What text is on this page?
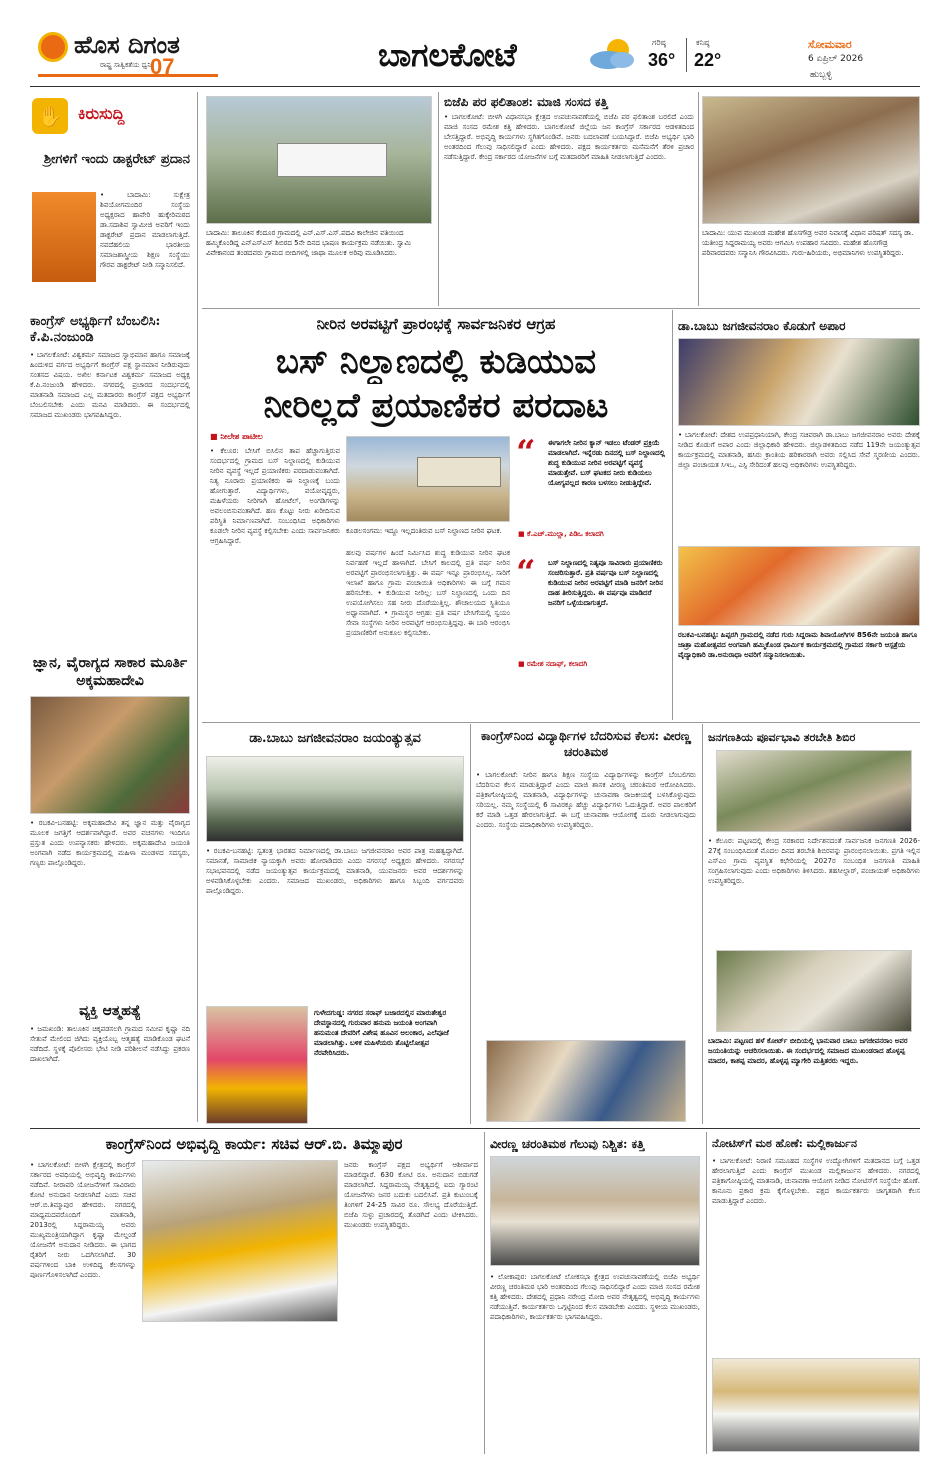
ಹೊಸ ದಿಗಂತ
ರಾಷ್ಟ್ರ ಸಾತ್ವಿಕತೆಯ ಧ್ವನಿ
07	ಬಾಗಲಕೋಟೆ	ಗರಿಷ್ಠ
36°
ಕನಿಷ್ಠ
22°
ಸೋಮವಾರ
6 ಏಪ್ರಿಲ್ 2026
ಹುಬ್ಬಳ್ಳಿ
✋ ಕಿರುಸುದ್ದಿ
ಶ್ರೀಗಳಿಗೆ ಇಂದು ಡಾಕ್ಟರೇಟ್ ಪ್ರದಾನ
• ಬಾದಾಮಿ: ಸುಕ್ಷೇತ್ರ ಶಿವಯೋಗಮಂದಿರ ಸಂಸ್ಥೆಯ ಅಧ್ಯಕ್ಷರಾದ ಹಾವೇರಿ ಹುಕ್ಕೇರಿಮಠದ ಡಾ.ಸದಾಶಿವ ಸ್ವಾಮೀಜಿ ಅವರಿಗೆ ಇಂದು ಡಾಕ್ಟರೇಟ್ ಪ್ರದಾನ ಮಾಡಲಾಗುತ್ತಿದೆ. ನವದೆಹಲಿಯ ಭಾರತೀಯ ಸಮಾಜಶಾಸ್ತ್ರೀಯ ಶಿಕ್ಷಣ ಸಂಸ್ಥೆಯು ಗೌರವ ಡಾಕ್ಟರೇಟ್ ನೀಡಿ ಸನ್ಮಾನಿಸಲಿದೆ.
ಕಾಂಗ್ರೆಸ್ ಅಭ್ಯರ್ಥಿಗೆ ಬೆಂಬಲಿಸಿ: ಕೆ.ಪಿ.ನಂಜುಂಡಿ
• ಬಾಗಲಕೋಟೆ: ವಿಶ್ವಕರ್ಮ ಸಮಾಜದ ಸ್ವಾಭಿಮಾನ ಹಾಗೂ ಸಮಾಜಕ್ಕೆ ಹಿಂದುಳಿದ ವರ್ಗದ ಅಭ್ಯರ್ಥಿಗೆ ಕಾಂಗ್ರೆಸ್ ಪಕ್ಷ ಸ್ಥಾನಮಾನ ನೀಡಿರುವುದು ಸಂತಸದ ವಿಷಯ. ಅಖಿಲ ಕರ್ನಾಟಕ ವಿಶ್ವಕರ್ಮ ಸಮಾಜದ ಅಧ್ಯಕ್ಷ ಕೆ.ಪಿ.ನಂಜುಂಡಿ ಹೇಳಿದರು. ನಗರದಲ್ಲಿ ಪ್ರಚಾರದ ಸಂದರ್ಭದಲ್ಲಿ ಮಾತನಾಡಿ ಸಮಾಜದ ಎಲ್ಲ ಮತದಾರರು ಕಾಂಗ್ರೆಸ್ ಪಕ್ಷದ ಅಭ್ಯರ್ಥಿಗೆ ಬೆಂಬಲಿಸಬೇಕು ಎಂದು ಮನವಿ ಮಾಡಿದರು. ಈ ಸಂದರ್ಭದಲ್ಲಿ ಸಮಾಜದ ಮುಖಂಡರು ಭಾಗವಹಿಸಿದ್ದರು.
ಜ್ಞಾನ, ವೈರಾಗ್ಯದ ಸಾಕಾರ ಮೂರ್ತಿ ಅಕ್ಕಮಹಾದೇವಿ
• ರಬಕವಿ-ಬನಹಟ್ಟಿ: ಅಕ್ಕಮಹಾದೇವಿ ತನ್ನ ಜ್ಞಾನ ಮತ್ತು ವೈರಾಗ್ಯದ ಮೂಲಕ ಜಗತ್ತಿಗೆ ಆದರ್ಶವಾಗಿದ್ದಾರೆ. ಅವರ ವಚನಗಳು ಇಂದಿಗೂ ಪ್ರಸ್ತುತ ಎಂದು ಉಪನ್ಯಾಸಕರು ಹೇಳಿದರು. ಅಕ್ಕಮಹಾದೇವಿ ಜಯಂತಿ ಅಂಗವಾಗಿ ನಡೆದ ಕಾರ್ಯಕ್ರಮದಲ್ಲಿ ಮಹಿಳಾ ಮಂಡಳದ ಸದಸ್ಯರು, ಗಣ್ಯರು ಪಾಲ್ಗೊಂಡಿದ್ದರು.
ವ್ಯಕ್ತಿ ಆತ್ಮಹತ್ಯೆ
• ಜಮಖಂಡಿ: ತಾಲೂಕಿನ ಚಿಕ್ಕಪಡಸಲಗಿ ಗ್ರಾಮದ ಸಮೀಪ ಕೃಷ್ಣಾ ನದಿ ಸೇತುವೆ ಮೇಲಿಂದ ಜಿಗಿದು ವ್ಯಕ್ತಿಯೊಬ್ಬ ಆತ್ಮಹತ್ಯೆ ಮಾಡಿಕೊಂಡ ಘಟನೆ ನಡೆದಿದೆ. ಸ್ಥಳಕ್ಕೆ ಪೊಲೀಸರು ಭೇಟಿ ನೀಡಿ ಪರಿಶೀಲನೆ ನಡೆಸಿದ್ದು ಪ್ರಕರಣ ದಾಖಲಾಗಿದೆ.
ಬಾದಾಮಿ: ತಾಲೂಕಿನ ಕೆಂದೂರ ಗ್ರಾಮದಲ್ಲಿ ಎನ್.ಎಸ್.ಎಸ್.ಪದವಿ ಕಾಲೇಜಿನ ವತಿಯಿಂದ ಹಮ್ಮಿಕೊಂಡಿದ್ದ ಎನ್‌ಎಸ್‌ಎಸ್ ಶಿಬಿರದ 5ನೇ ದಿನದ ಭಾಷಣ ಕಾರ್ಯಕ್ರಮ ನಡೆಯಿತು. ಸ್ವಾಮಿ ವಿವೇಕಾನಂದ ತಂಡದವರು ಗ್ರಾಮದ ಬೀದಿಗಳಲ್ಲಿ ಜಾಥಾ ಮೂಲಕ ಅರಿವು ಮೂಡಿಸಿದರು.
ಬಿಜೆಪಿ ಪರ ಫಲಿತಾಂಶ: ಮಾಜಿ ಸಂಸದ ಕತ್ತಿ
• ಬಾಗಲಕೋಟೆ: ಬೀಳಗಿ ವಿಧಾನಸಭಾ ಕ್ಷೇತ್ರದ ಉಪಚುನಾವಣೆಯಲ್ಲಿ ಬಿಜೆಪಿ ಪರ ಫಲಿತಾಂಶ ಬರಲಿದೆ ಎಂದು ಮಾಜಿ ಸಂಸದ ರಮೇಶ ಕತ್ತಿ ಹೇಳಿದರು. ಬಾಗಲಕೋಟೆ ಜಿಲ್ಲೆಯ ಜನ ಕಾಂಗ್ರೆಸ್ ಸರ್ಕಾರದ ಆಡಳಿತದಿಂದ ಬೇಸತ್ತಿದ್ದಾರೆ. ಅಭಿವೃದ್ಧಿ ಕಾರ್ಯಗಳು ಸ್ಥಗಿತಗೊಂಡಿವೆ. ಜನರು ಬದಲಾವಣೆ ಬಯಸಿದ್ದಾರೆ. ಬಿಜೆಪಿ ಅಭ್ಯರ್ಥಿ ಭಾರಿ ಅಂತರದಿಂದ ಗೆಲುವು ಸಾಧಿಸಲಿದ್ದಾರೆ ಎಂದು ಹೇಳಿದರು. ಪಕ್ಷದ ಕಾರ್ಯಕರ್ತರು ಮನೆಮನೆಗೆ ತೆರಳಿ ಪ್ರಚಾರ ನಡೆಸುತ್ತಿದ್ದಾರೆ. ಕೇಂದ್ರ ಸರ್ಕಾರದ ಯೋಜನೆಗಳ ಬಗ್ಗೆ ಮತದಾರರಿಗೆ ಮಾಹಿತಿ ನೀಡಲಾಗುತ್ತಿದೆ ಎಂದರು.
ಬಾದಾಮಿ: ಯುವ ಮುಖಂಡ ಮಹೇಶ ಹೊಸಗೌಡ್ರ ಅವರ ನಿವಾಸಕ್ಕೆ ವಿಧಾನ ಪರಿಷತ್ ಸದಸ್ಯ ಡಾ. ಯತೀಂದ್ರ ಸಿದ್ದರಾಮಯ್ಯ ಅವರು ಆಗಮಿಸಿ ಉಪಹಾರ ಸವಿದರು. ಮಹೇಶ ಹೊಸಗೌಡ್ರ ಪರಿವಾರದವರು ಸನ್ಮಾನಿಸಿ ಗೌರವಿಸಿದರು. ಗುರು-ಹಿರಿಯರು, ಅಭಿಮಾನಿಗಳು ಉಪಸ್ಥಿತರಿದ್ದರು.
ನೀರಿನ ಅರವಟ್ಟಿಗೆ ಪ್ರಾರಂಭಕ್ಕೆ ಸಾರ್ವಜನಿಕರ ಆಗ್ರಹ
ಬಸ್ ನಿಲ್ದಾಣದಲ್ಲಿ ಕುಡಿಯುವ
ನೀರಿಲ್ಲದೆ ಪ್ರಯಾಣಿಕರ ಪರದಾಟ
■ ನೀಲೇಶ ಪಾಟೀಲ
• ಕೆಲೂರ: ಬೇಸಿಗೆ ಬಿಸಿಲಿನ ತಾಪ ಹೆಚ್ಚಾಗುತ್ತಿರುವ ಸಂದರ್ಭದಲ್ಲಿ ಗ್ರಾಮದ ಬಸ್ ನಿಲ್ದಾಣದಲ್ಲಿ ಕುಡಿಯುವ ನೀರಿನ ವ್ಯವಸ್ಥೆ ಇಲ್ಲದೆ ಪ್ರಯಾಣಿಕರು ಪರದಾಡುವಂತಾಗಿದೆ. ನಿತ್ಯ ನೂರಾರು ಪ್ರಯಾಣಿಕರು ಈ ನಿಲ್ದಾಣಕ್ಕೆ ಬಂದು ಹೋಗುತ್ತಾರೆ. ವಿದ್ಯಾರ್ಥಿಗಳು, ವಯೋವೃದ್ಧರು, ಮಹಿಳೆಯರು ನೀರಿಗಾಗಿ ಹೋಟೆಲ್, ಅಂಗಡಿಗಳನ್ನು ಅವಲಂಬಿಸುವಂತಾಗಿದೆ. ಹಣ ಕೊಟ್ಟು ನೀರು ಖರೀದಿಸುವ ಪರಿಸ್ಥಿತಿ ನಿರ್ಮಾಣವಾಗಿದೆ. ಸಂಬಂಧಿಸಿದ ಅಧಿಕಾರಿಗಳು ಕೂಡಲೇ ನೀರಿನ ವ್ಯವಸ್ಥೆ ಕಲ್ಪಿಸಬೇಕು ಎಂದು ಸಾರ್ವಜನಿಕರು ಆಗ್ರಹಿಸಿದ್ದಾರೆ.
ಕೂಡಲಸಂಗಮ: ಇದ್ದೂ ಇಲ್ಲದಂತಿರುವ ಬಸ್ ನಿಲ್ದಾಣದ ನೀರಿನ ಘಟಕ.
ಹಲವು ವರ್ಷಗಳ ಹಿಂದೆ ನಿರ್ಮಿಸಿದ ಶುದ್ಧ ಕುಡಿಯುವ ನೀರಿನ ಘಟಕ ನಿರ್ವಹಣೆ ಇಲ್ಲದೆ ಹಾಳಾಗಿದೆ. ಬೇಸಿಗೆ ಕಾಲದಲ್ಲಿ ಪ್ರತಿ ವರ್ಷ ನೀರಿನ ಅರವಟ್ಟಿಗೆ ಪ್ರಾರಂಭಿಸಲಾಗುತ್ತಿತ್ತು. ಈ ವರ್ಷ ಇನ್ನೂ ಪ್ರಾರಂಭಿಸಿಲ್ಲ. ಸಾರಿಗೆ ಇಲಾಖೆ ಹಾಗೂ ಗ್ರಾಮ ಪಂಚಾಯಿತಿ ಅಧಿಕಾರಿಗಳು ಈ ಬಗ್ಗೆ ಗಮನ ಹರಿಸಬೇಕು. • ಕುಡಿಯುವ ನೀರಿಲ್ಲ: ಬಸ್ ನಿಲ್ದಾಣದಲ್ಲಿ ಒಂದು ದಿನ ಉಪಯೋಗಿಸಲು ಸಹ ನೀರು ದೊರೆಯುತ್ತಿಲ್ಲ. ಶೌಚಾಲಯದ ಸ್ಥಿತಿಯೂ ಅಧ್ವಾನವಾಗಿದೆ. • ಗ್ರಾಮಸ್ಥರ ಆಗ್ರಹ: ಪ್ರತಿ ವರ್ಷ ಬೇಸಿಗೆಯಲ್ಲಿ ಸ್ವಯಂ ಸೇವಾ ಸಂಸ್ಥೆಗಳು ನೀರಿನ ಅರವಟ್ಟಿಗೆ ಆರಂಭಿಸುತ್ತಿದ್ದವು. ಈ ಬಾರಿ ಆರಂಭಿಸಿ ಪ್ರಯಾಣಿಕರಿಗೆ ಅನುಕೂಲ ಕಲ್ಪಿಸಬೇಕು.
“ ಈಗಾಗಲೇ ನೀರಿನ ಕ್ಯಾನ್ ಇಡಲು ಟೆಂಡರ್ ಪ್ರಕ್ರಿಯೆ ಮಾಡಲಾಗಿದೆ. ಇನ್ನೆರಡು ದಿನದಲ್ಲಿ ಬಸ್ ನಿಲ್ದಾಣದಲ್ಲಿ ಶುದ್ಧ ಕುಡಿಯುವ ನೀರಿನ ಅರವಟ್ಟಿಗೆ ವ್ಯವಸ್ಥೆ ಮಾಡುತ್ತೇವೆ. ಬಸ್ ಘಟಕದ ನೀರು ಕುಡಿಯಲು ಯೋಗ್ಯವಲ್ಲದ ಕಾರಣ ಬಳಸಲು ನೀಡುತ್ತಿದ್ದೇವೆ.
■ ಕೆ.ಎಚ್.ಮುಲ್ಲಾ, ಪಿಡಿಒ ಕಲಾದಗಿ
“ ಬಸ್ ನಿಲ್ದಾಣದಲ್ಲಿ ನಿತ್ಯವೂ ಸಾವಿರಾರು ಪ್ರಯಾಣಿಕರು ಸಂಚರಿಸುತ್ತಾರೆ. ಪ್ರತಿ ವರ್ಷವೂ ಬಸ್ ನಿಲ್ದಾಣದಲ್ಲಿ ಕುಡಿಯುವ ನೀರಿನ ಅರವಟ್ಟಿಗೆ ಮಾಡಿ ಜನರಿಗೆ ನೀರಿನ ದಾಹ ತೀರಿಸುತ್ತಿದ್ದರು. ಈ ವರ್ಷವೂ ಮಾಡಿದರೆ ಜನರಿಗೆ ಒಳ್ಳೆಯದಾಗುತ್ತದೆ.
■ ರಮೇಶ ನದಾಫ್, ಕಲಾದಗಿ
ಡಾ.ಬಾಬು ಜಗಜೀವನರಾಂ ಕೊಡುಗೆ ಅಪಾರ
• ಬಾಗಲಕೋಟೆ: ದೇಶದ ಉಪಪ್ರಧಾನಿಯಾಗಿ, ಕೇಂದ್ರ ಸಚಿವರಾಗಿ ಡಾ.ಬಾಬು ಜಗಜೀವನರಾಂ ಅವರು ದೇಶಕ್ಕೆ ನೀಡಿದ ಕೊಡುಗೆ ಅಪಾರ ಎಂದು ಜಿಲ್ಲಾಧಿಕಾರಿ ಹೇಳಿದರು. ಜಿಲ್ಲಾಡಳಿತದಿಂದ ನಡೆದ 119ನೇ ಜಯಂತ್ಯುತ್ಸವ ಕಾರ್ಯಕ್ರಮದಲ್ಲಿ ಮಾತನಾಡಿ, ಹಸಿರು ಕ್ರಾಂತಿಯ ಹರಿಕಾರರಾಗಿ ಅವರು ಸಲ್ಲಿಸಿದ ಸೇವೆ ಸ್ಮರಣೀಯ ಎಂದರು. ಜಿಲ್ಲಾ ಪಂಚಾಯತ ಸಿಇಒ, ಎಸ್ಪಿ ಸೇರಿದಂತೆ ಹಲವು ಅಧಿಕಾರಿಗಳು ಉಪಸ್ಥಿತರಿದ್ದರು.
ರಬಕವಿ-ಬನಹಟ್ಟಿ: ಹಿಪ್ಪರಗಿ ಗ್ರಾಮದಲ್ಲಿ ನಡೆದ ಗುರು ಸಿದ್ದರಾಮ ಶಿವಾಯೋಗಿಗಳ 856ನೇ ಜಯಂತಿ ಹಾಗೂ ಜಾತ್ರಾ ಮಹೋತ್ಸವದ ಅಂಗವಾಗಿ ಹಮ್ಮಿಕೊಂಡ ಧಾರ್ಮಿಕ ಕಾರ್ಯಕ್ರಮದಲ್ಲಿ ಗ್ರಾಮದ ಸರ್ಕಾರಿ ಆಸ್ಪತ್ರೆಯ ವೈದ್ಯಾಧಿಕಾರಿ ಡಾ.ಅನುರಾಧಾ ಅವರಿಗೆ ಸನ್ಮಾನಿಸಲಾಯಿತು.
ಡಾ.ಬಾಬು ಜಗಜೀವನರಾಂ ಜಯಂತ್ಯುತ್ಸವ
• ರಬಕವಿ-ಬನಹಟ್ಟಿ: ಸ್ವತಂತ್ರ ಭಾರತದ ನಿರ್ಮಾಣದಲ್ಲಿ ಡಾ.ಬಾಬು ಜಗಜೀವನರಾಂ ಅವರ ಪಾತ್ರ ಮಹತ್ವದ್ದಾಗಿದೆ. ಸಮಾನತೆ, ಸಾಮಾಜಿಕ ನ್ಯಾಯಕ್ಕಾಗಿ ಅವರು ಹೋರಾಡಿದರು ಎಂದು ನಗರಸಭೆ ಅಧ್ಯಕ್ಷರು ಹೇಳಿದರು. ನಗರಸಭೆ ಸಭಾಭವನದಲ್ಲಿ ನಡೆದ ಜಯಂತ್ಯುತ್ಸವ ಕಾರ್ಯಕ್ರಮದಲ್ಲಿ ಮಾತನಾಡಿ, ಯುವಜನರು ಅವರ ಆದರ್ಶಗಳನ್ನು ಅಳವಡಿಸಿಕೊಳ್ಳಬೇಕು ಎಂದರು. ಸಮಾಜದ ಮುಖಂಡರು, ಅಧಿಕಾರಿಗಳು ಹಾಗೂ ಸಿಬ್ಬಂದಿ ವರ್ಗದವರು ಪಾಲ್ಗೊಂಡಿದ್ದರು.
ಗುಳೇದಗುಡ್ಡ: ನಗರದ ಸರಾಫ್ ಬಜಾರದಲ್ಲಿನ ಮಾರುತೇಶ್ವರ ದೇವಸ್ಥಾನದಲ್ಲಿ ಗುರುವಾರ ಹನುಮ ಜಯಂತಿ ಅಂಗವಾಗಿ ಹನುಮಂತ ದೇವರಿಗೆ ವಿಶೇಷ ಹೂವಿನ ಅಲಂಕಾರ, ಎಲೆಪೂಜೆ ಮಾಡಲಾಗಿತ್ತು. ಬಳಿಕ ಮಹಿಳೆಯರು ತೊಟ್ಟಿಲೋತ್ಸವ ನೆರವೇರಿಸಿದರು.
ಕಾಂಗ್ರೆಸ್‌ನಿಂದ ವಿದ್ಯಾರ್ಥಿಗಳ ಬೆದರಿಸುವ ಕೆಲಸ: ವೀರಣ್ಣ ಚರಂತಿಮಠ
• ಬಾಗಲಕೋಟೆ: ನೀರಿನ ಹಾಗೂ ಶಿಕ್ಷಣ ಸಂಸ್ಥೆಯ ವಿದ್ಯಾರ್ಥಿಗಳನ್ನು ಕಾಂಗ್ರೆಸ್ ಬೆಂಬಲಿಗರು ಬೆದರಿಸುವ ಕೆಲಸ ಮಾಡುತ್ತಿದ್ದಾರೆ ಎಂದು ಮಾಜಿ ಶಾಸಕ ವೀರಣ್ಣ ಚರಂತಿಮಠ ಆರೋಪಿಸಿದರು. ಪತ್ರಿಕಾಗೋಷ್ಠಿಯಲ್ಲಿ ಮಾತನಾಡಿ, ವಿದ್ಯಾರ್ಥಿಗಳನ್ನು ಚುನಾವಣಾ ರಾಜಕೀಯಕ್ಕೆ ಬಳಸಿಕೊಳ್ಳುವುದು ಸರಿಯಲ್ಲ. ನಮ್ಮ ಸಂಸ್ಥೆಯಲ್ಲಿ 6 ಸಾವಿರಕ್ಕೂ ಹೆಚ್ಚು ವಿದ್ಯಾರ್ಥಿಗಳು ಓದುತ್ತಿದ್ದಾರೆ. ಅವರ ಪಾಲಕರಿಗೆ ಕರೆ ಮಾಡಿ ಒತ್ತಡ ಹೇರಲಾಗುತ್ತಿದೆ. ಈ ಬಗ್ಗೆ ಚುನಾವಣಾ ಆಯೋಗಕ್ಕೆ ದೂರು ನೀಡಲಾಗುವುದು ಎಂದರು. ಸಂಸ್ಥೆಯ ಪದಾಧಿಕಾರಿಗಳು ಉಪಸ್ಥಿತರಿದ್ದರು.
ಜನಗಣತಿಯ ಪೂರ್ವಭಾವಿ ತರಬೇತಿ ಶಿಬಿರ
• ಕೆಲೂರ: ಪಟ್ಟಣದಲ್ಲಿ ಕೇಂದ್ರ ಸರಕಾರದ ನಿರ್ದೇಶನದಂತೆ ಸಾರ್ವಜನಿಕ ಜನಗಣತಿ 2026-27ಕ್ಕೆ ಸಂಬಂಧಿಸಿದಂತೆ ಮೊದಲ ದಿನದ ತರಬೇತಿ ಶಿಬಿರವನ್ನು ಪ್ರಾರಂಭಿಸಲಾಯಿತು. ಪ್ರಗತಿ ಇಲ್ಲಿನ ಎಸ್‌ಎಂ ಗ್ರಾಮ ವ್ಯವಸ್ಥಿತ ಕಛೇರಿಯಲ್ಲಿ 2027ರ ಸಂಬಂಧಿತ ಜನಗಣತಿ ಮಾಹಿತಿ ಸಂಗ್ರಹಿಸಲಾಗುವುದು ಎಂದು ಅಧಿಕಾರಿಗಳು ತಿಳಿಸಿದರು. ತಹಸೀಲ್ದಾರ್, ಪಂಚಾಯತ್ ಅಧಿಕಾರಿಗಳು ಉಪಸ್ಥಿತರಿದ್ದರು.
ಬಾದಾಮಿ: ಪಟ್ಟಣದ ಹಳೆ ಕೋರ್ಟ್ ಬೀದಿಯಲ್ಲಿ ಭಾನುವಾರ ಬಾಬು ಜಗಜೀವನರಾಂ ಅವರ ಜಯಂತಿಯನ್ನು ಆಚರಿಸಲಾಯಿತು. ಈ ಸಂದರ್ಭದಲ್ಲಿ ಸಮಾಜದ ಮುಖಂಡರಾದ ಹೊಳ್ಳಪ್ಪ ಮಾದರ, ಕಾಶಪ್ಪ ಮಾದರ, ಹೊಳ್ಳಪ್ಪ ಮ್ಯಾಗೇರಿ ಮತ್ತಿತರರು ಇದ್ದರು.
ಕಾಂಗ್ರೆಸ್‌ನಿಂದ ಅಭಿವೃದ್ಧಿ ಕಾರ್ಯ: ಸಚಿವ ಆರ್.ಬಿ. ತಿಮ್ಮಾಪುರ
• ಬಾಗಲಕೋಟೆ: ಬೀಳಗಿ ಕ್ಷೇತ್ರದಲ್ಲಿ ಕಾಂಗ್ರೆಸ್ ಸರ್ಕಾರದ ಅವಧಿಯಲ್ಲಿ ಅಭಿವೃದ್ಧಿ ಕಾರ್ಯಗಳು ನಡೆದಿವೆ. ನೀರಾವರಿ ಯೋಜನೆಗಳಿಗೆ ಸಾವಿರಾರು ಕೋಟಿ ಅನುದಾನ ನೀಡಲಾಗಿದೆ ಎಂದು ಸಚಿವ ಆರ್.ಬಿ.ತಿಮ್ಮಾಪುರ ಹೇಳಿದರು. ನಗರದಲ್ಲಿ ಮಾಧ್ಯಮದವರೊಂದಿಗೆ ಮಾತನಾಡಿ, 2013ರಲ್ಲಿ ಸಿದ್ದರಾಮಯ್ಯ ಅವರು ಮುಖ್ಯಮಂತ್ರಿಯಾಗಿದ್ದಾಗ ಕೃಷ್ಣಾ ಮೇಲ್ದಂಡೆ ಯೋಜನೆಗೆ ಅನುದಾನ ನೀಡಿದರು. ಈ ಭಾಗದ ರೈತರಿಗೆ ನೀರು ಒದಗಿಸಲಾಗಿದೆ. 30 ವರ್ಷಗಳಿಂದ ಬಾಕಿ ಉಳಿದಿದ್ದ ಕೆಲಸಗಳನ್ನು ಪೂರ್ಣಗೊಳಿಸಲಾಗಿದೆ ಎಂದರು.
ಜನರು ಕಾಂಗ್ರೆಸ್ ಪಕ್ಷದ ಅಭ್ಯರ್ಥಿಗೆ ಆಶೀರ್ವಾದ ಮಾಡಲಿದ್ದಾರೆ. 630 ಕೋಟಿ ರೂ. ಅನುದಾನ ಬಿಡುಗಡೆ ಮಾಡಲಾಗಿದೆ. ಸಿದ್ದರಾಮಯ್ಯ ನೇತೃತ್ವದಲ್ಲಿ ಐದು ಗ್ಯಾರಂಟಿ ಯೋಜನೆಗಳು ಜನರ ಬದುಕು ಬದಲಿಸಿವೆ. ಪ್ರತಿ ಕುಟುಂಬಕ್ಕೆ ತಿಂಗಳಿಗೆ 24-25 ಸಾವಿರ ರೂ. ಸೌಲಭ್ಯ ದೊರೆಯುತ್ತಿದೆ. ಬಿಜೆಪಿ ಸುಳ್ಳು ಪ್ರಚಾರದಲ್ಲಿ ತೊಡಗಿದೆ ಎಂದು ಟೀಕಿಸಿದರು. ಮುಖಂಡರು ಉಪಸ್ಥಿತರಿದ್ದರು.
ವೀರಣ್ಣ ಚರಂತಿಮಠ ಗೆಲುವು ನಿಶ್ಚಿತ: ಕತ್ತಿ
• ಲೋಕಾಪುರ: ಬಾಗಲಕೋಟೆ ಲೋಕಸಭಾ ಕ್ಷೇತ್ರದ ಉಪಚುನಾವಣೆಯಲ್ಲಿ ಬಿಜೆಪಿ ಅಭ್ಯರ್ಥಿ ವೀರಣ್ಣ ಚರಂತಿಮಠ ಭಾರಿ ಅಂತರದಿಂದ ಗೆಲುವು ಸಾಧಿಸಲಿದ್ದಾರೆ ಎಂದು ಮಾಜಿ ಸಂಸದ ರಮೇಶ ಕತ್ತಿ ಹೇಳಿದರು. ದೇಶದಲ್ಲಿ ಪ್ರಧಾನಿ ನರೇಂದ್ರ ಮೋದಿ ಅವರ ನೇತೃತ್ವದಲ್ಲಿ ಅಭಿವೃದ್ಧಿ ಕಾರ್ಯಗಳು ನಡೆಯುತ್ತಿವೆ. ಕಾರ್ಯಕರ್ತರು ಒಗ್ಗಟ್ಟಿನಿಂದ ಕೆಲಸ ಮಾಡಬೇಕು ಎಂದರು. ಸ್ಥಳೀಯ ಮುಖಂಡರು, ಪದಾಧಿಕಾರಿಗಳು, ಕಾರ್ಯಕರ್ತರು ಭಾಗವಹಿಸಿದ್ದರು.
ನೋಟಿಸ್‌ಗೆ ಮಠ ಹೊಣೆ: ಮಲ್ಲಿಕಾರ್ಜುನ
• ಬಾಗಲಕೋಟೆ: ನಿರಾಣಿ ಸಮೂಹದ ಸಂಸ್ಥೆಗಳ ಉದ್ಯೋಗಿಗಳಿಗೆ ಮತದಾನದ ಬಗ್ಗೆ ಒತ್ತಡ ಹೇರಲಾಗುತ್ತಿದೆ ಎಂದು ಕಾಂಗ್ರೆಸ್ ಮುಖಂಡ ಮಲ್ಲಿಕಾರ್ಜುನ ಹೇಳಿದರು. ನಗರದಲ್ಲಿ ಪತ್ರಿಕಾಗೋಷ್ಠಿಯಲ್ಲಿ ಮಾತನಾಡಿ, ಚುನಾವಣಾ ಆಯೋಗ ನೀಡಿದ ನೋಟಿಸ್‌ಗೆ ಸಂಸ್ಥೆಯೇ ಹೊಣೆ. ಕಾನೂನು ಪ್ರಕಾರ ಕ್ರಮ ಕೈಗೊಳ್ಳಬೇಕು. ಪಕ್ಷದ ಕಾರ್ಯಕರ್ತರು ಜಾಗೃತರಾಗಿ ಕೆಲಸ ಮಾಡುತ್ತಿದ್ದಾರೆ ಎಂದರು.
